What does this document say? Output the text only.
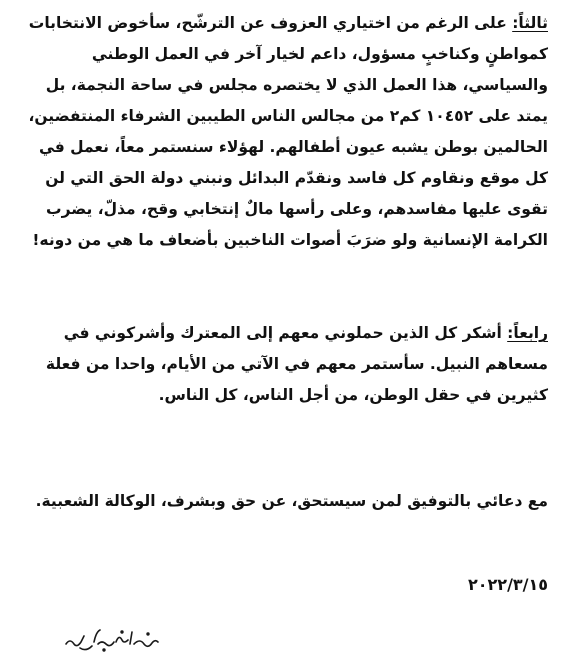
ثالثاً: على الرغم من اختياري العزوف عن الترشّح، سأخوض الانتخابات كمواطنٍ وكناخبٍ مسؤول، داعم لخيار آخر في العمل الوطني والسياسي، هذا العمل الذي لا يختصره مجلس في ساحة النجمة، بل يمتد على ١٠٤٥٢ كم٢ من مجالس الناس الطيبين الشرفاء المنتفضين، الحالمين بوطن يشبه عيون أطفالهم. لهؤلاء سنستمر معاً، نعمل في كل موقع ونقاوم كل فاسد ونقدّم البدائل ونبني دولة الحق التي لن تقوى عليها مفاسدهم، وعلى رأسها مالٌ إنتخابي وقح، مذلّ، يضرب الكرامة الإنسانية ولو ضرَبَ أصوات الناخبين بأضعاف ما هي من دونه!

رابعاً: أشكر كل الذين حملوني معهم إلى المعترك وأشركوني في مسعاهم النبيل. سأستمر معهم في الآتي من الأيام، واحدا من فعلة كثيرين في حقل الوطن، من أجل الناس، كل الناس.

مع دعائي بالتوفيق لمن سيستحق، عن حق وبشرف، الوكالة الشعبية.

٢٠٢٢/٣/١٥
